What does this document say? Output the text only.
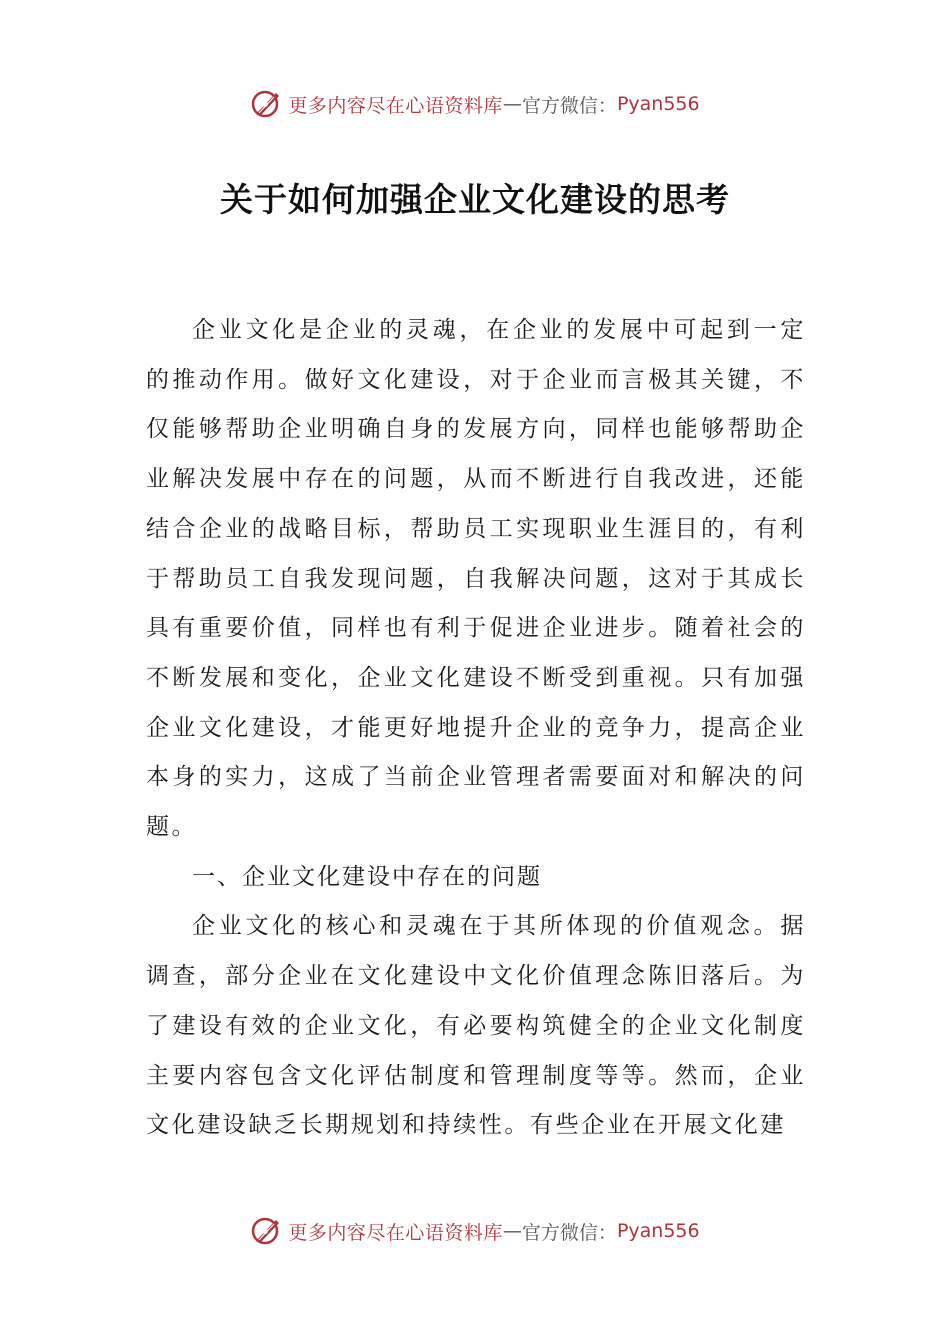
更多内容尽在心语资料库 — 官方微信： Pyan556
关于如何加强企业文化建设的思考

企业文化是企业的灵魂，在企业的发展中可起到一定的推动作用。做好文化建设，对于企业而言极其关键，不仅能够帮助企业明确自身的发展方向，同样也能够帮助企业解决发展中存在的问题，从而不断进行自我改进，还能结合企业的战略目标，帮助员工实现职业生涯目的，有利于帮助员工自我发现问题，自我解决问题，这对于其成长具有重要价值，同样也有利于促进企业进步。随着社会的不断发展和变化，企业文化建设不断受到重视。只有加强企业文化建设，才能更好地提升企业的竞争力，提高企业本身的实力，这成了当前企业管理者需要面对和解决的问题。

一、企业文化建设中存在的问题

企业文化的核心和灵魂在于其所体现的价值观念。据调查，部分企业在文化建设中文化价值理念陈旧落后。为了建设有效的企业文化，有必要构筑健全的企业文化制度主要内容包含文化评估制度和管理制度等等。然而，企业文化建设缺乏长期规划和持续性。有些企业在开展文化建

更多内容尽在心语资料库 — 官方微信： Pyan556
